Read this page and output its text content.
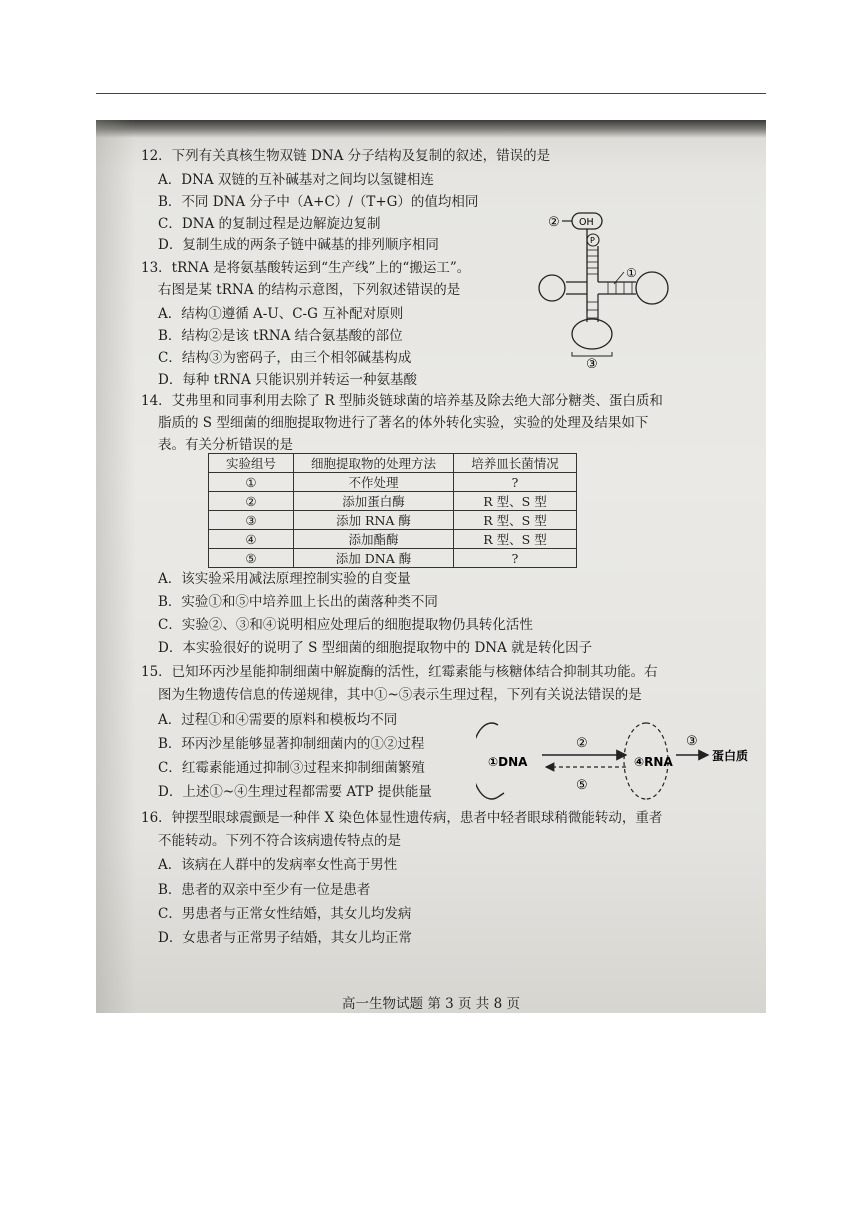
12．下列有关真核生物双链 DNA 分子结构及复制的叙述，错误的是
A．DNA 双链的互补碱基对之间均以氢键相连
B．不同 DNA 分子中（A+C）/（T+G）的值均相同
C．DNA 的复制过程是边解旋边复制
D．复制生成的两条子链中碱基的排列顺序相同
13．tRNA 是将氨基酸转运到“生产线”上的“搬运工”。
右图是某 tRNA 的结构示意图，下列叙述错误的是
A．结构①遵循 A-U、C-G 互补配对原则
B．结构②是该 tRNA 结合氨基酸的部位
C．结构③为密码子，由三个相邻碱基构成
D．每种 tRNA 只能识别并转运一种氨基酸
② OH
P
①
③
14．艾弗里和同事利用去除了 R 型肺炎链球菌的培养基及除去绝大部分糖类、蛋白质和
脂质的 S 型细菌的细胞提取物进行了著名的体外转化实验，实验的处理及结果如下
表。有关分析错误的是
实验组号	细胞提取物的处理方法	培养皿长菌情况
①	不作处理	?
②	添加蛋白酶	R 型、S 型
③	添加 RNA 酶	R 型、S 型
④	添加酯酶	R 型、S 型
⑤	添加 DNA 酶	?
A．该实验采用减法原理控制实验的自变量
B．实验①和⑤中培养皿上长出的菌落种类不同
C．实验②、③和④说明相应处理后的细胞提取物仍具转化活性
D．本实验很好的说明了 S 型细菌的细胞提取物中的 DNA 就是转化因子
15．已知环丙沙星能抑制细菌中解旋酶的活性，红霉素能与核糖体结合抑制其功能。右
图为生物遗传信息的传递规律，其中①~⑤表示生理过程，下列有关说法错误的是
A．过程①和④需要的原料和模板均不同
B．环丙沙星能够显著抑制细菌内的①②过程
C．红霉素能通过抑制③过程来抑制细菌繁殖
D．上述①~④生理过程都需要 ATP 提供能量
①DNA
②
⑤
④RNA
③
蛋白质
16．钟摆型眼球震颤是一种伴 X 染色体显性遗传病，患者中轻者眼球稍微能转动，重者
不能转动。下列不符合该病遗传特点的是
A．该病在人群中的发病率女性高于男性
B．患者的双亲中至少有一位是患者
C．男患者与正常女性结婚，其女儿均发病
D．女患者与正常男子结婚，其女儿均正常
高一生物试题 第 3 页 共 8 页
